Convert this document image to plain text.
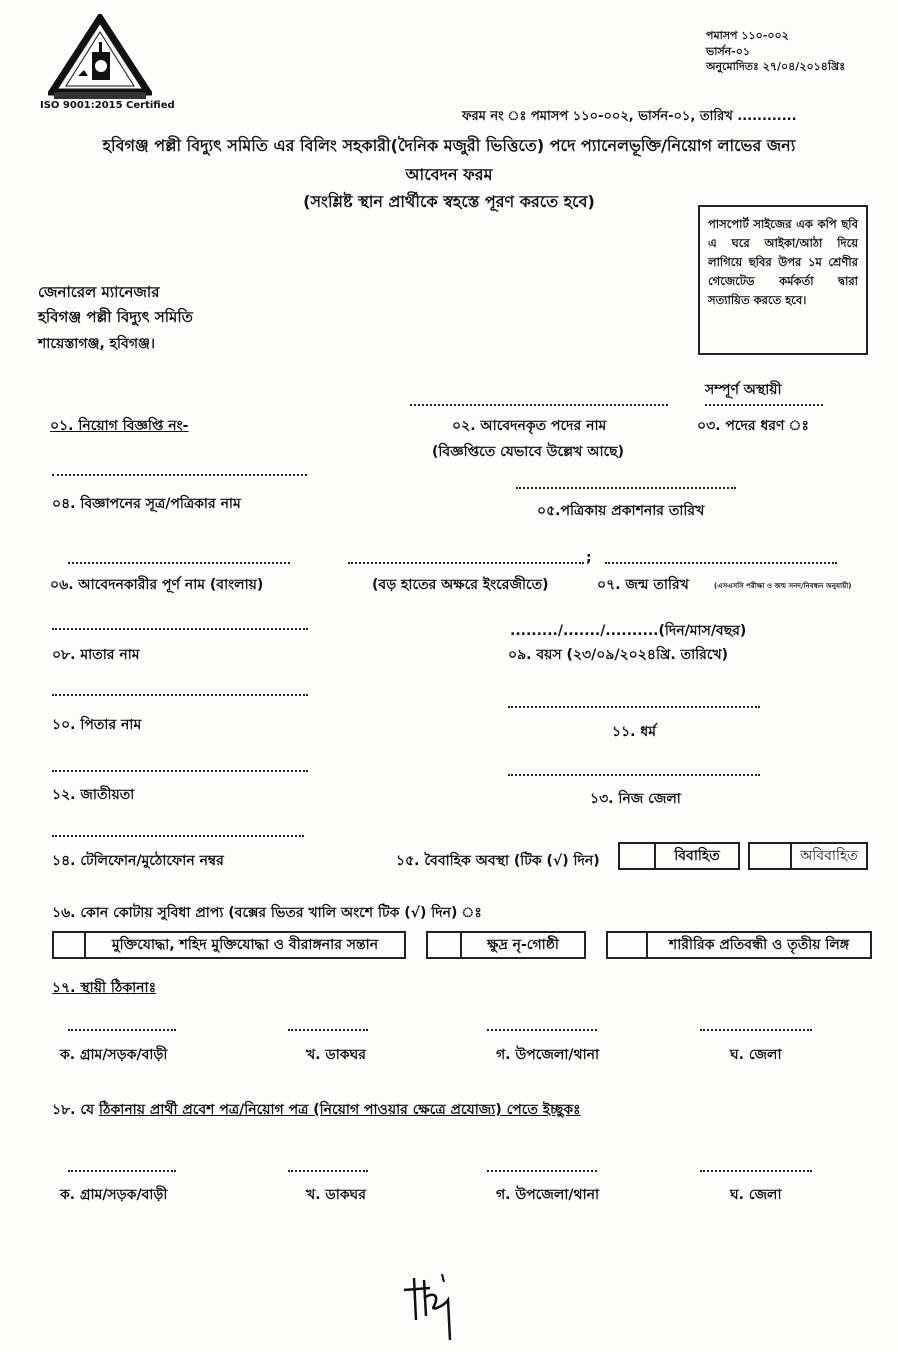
ISO 9001:2015 Certified
পমাসপ ১১০-০০২
ভার্সন-০১
অনুমোদিতঃ ২৭/০৪/২০১৪খ্রিঃ
ফরম নং ঃ পমাসপ ১১০-০০২, ভার্সন-০১, তারিখ ............
হবিগঞ্জ পল্লী বিদ্যুৎ সমিতি এর বিলিং সহকারী(দৈনিক মজুরী ভিত্তিতে) পদে প্যানেলভূক্তি/নিয়োগ লাভের জন্য
আবেদন ফরম
(সংশ্লিষ্ট স্থান প্রার্থীকে স্বহস্তে পূরণ করতে হবে)
পাসপোর্ট সাইজের এক কপি ছবি এ ঘরে আইকা/আঠা দিয়ে লাগিয়ে ছবির উপর ১ম শ্রেণীর গেজেটেড কর্মকর্তা দ্বারা সত্যায়িত করতে হবে।
জেনারেল ম্যানেজার
হবিগঞ্জ পল্লী বিদ্যুৎ সমিতি
শায়েস্তাগঞ্জ, হবিগঞ্জ।
সম্পূর্ণ অস্থায়ী
০১. নিয়োগ বিজ্ঞপ্তি নং-	০২. আবেদনকৃত পদের নাম	০৩. পদের ধরণ ঃ
(বিজ্ঞপ্তিতে যেভাবে উল্লেখ আছে)
০৪. বিজ্ঞাপনের সূত্র/পত্রিকার নাম	০৫.পত্রিকায় প্রকাশনার তারিখ
;
০৬. আবেদনকারীর পূর্ণ নাম (বাংলায়)	(বড় হাতের অক্ষরে ইংরেজীতে)	০৭. জন্ম তারিখ	(এসএসসি পরীক্ষা ও জন্ম সনদ/নিবন্ধন অনুযায়ী)
........./......./..........(দিন/মাস/বছর)
০৮. মাতার নাম	০৯. বয়স (২৩/০৯/২০২৪খ্রি. তারিখে)
১০. পিতার নাম	১১. ধর্ম
১২. জাতীয়তা	১৩. নিজ জেলা
১৪. টেলিফোন/মুঠোফোন নম্বর	১৫. বৈবাহিক অবস্থা (টিক (√) দিন)	বিবাহিত	অবিবাহিত
১৬. কোন কোটায় সুবিধা প্রাপ্য (বক্সের ভিতর খালি অংশে টিক (√) দিন) ঃ
মুক্তিযোদ্ধা, শহিদ মুক্তিযোদ্ধা ও বীরাঙ্গনার সন্তান	ক্ষুদ্র নৃ-গোষ্ঠী	শারীরিক প্রতিবন্ধী ও তৃতীয় লিঙ্গ
১৭. স্থায়ী ঠিকানাঃ
ক. গ্রাম/সড়ক/বাড়ী	খ. ডাকঘর	গ. উপজেলা/থানা	ঘ. জেলা
১৮. যে ঠিকানায় প্রার্থী প্রবেশ পত্র/নিয়োগ পত্র (নিয়োগ পাওয়ার ক্ষেত্রে প্রযোজ্য) পেতে ইচ্ছুকঃ
ক. গ্রাম/সড়ক/বাড়ী	খ. ডাকঘর	গ. উপজেলা/থানা	ঘ. জেলা
